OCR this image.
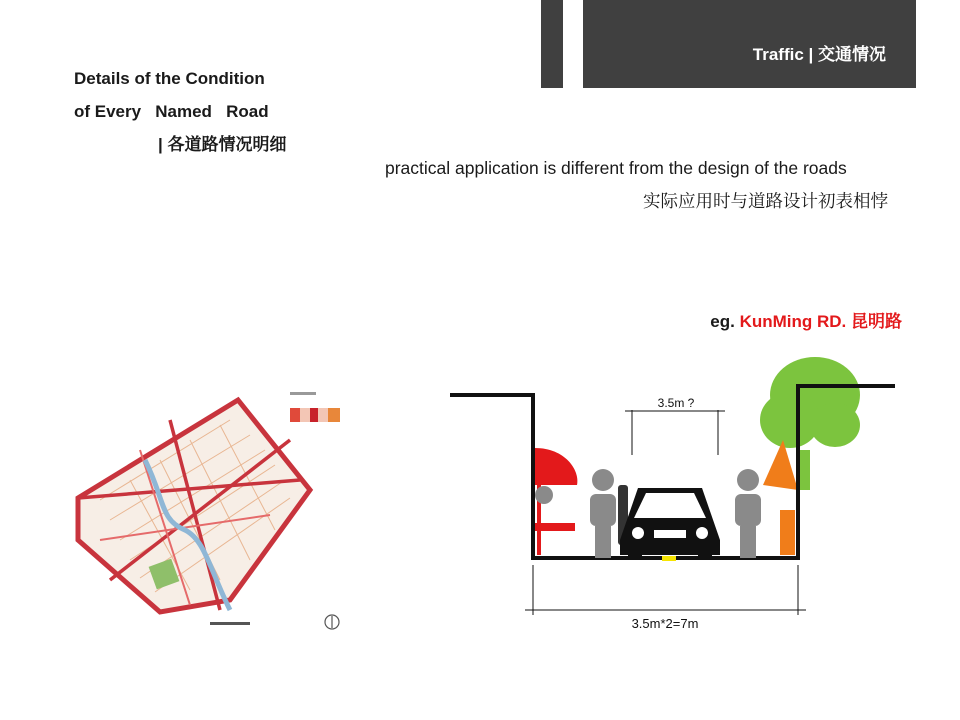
Traffic | 交通情况
Details of the Condition
of Every   Named   Road
| 各道路情况明细
practical application is different from the design of the roads
实际应用时与道路设计初表相悖
eg. KunMing RD. 昆明路
3.5m ?
3.5m*2=7m
